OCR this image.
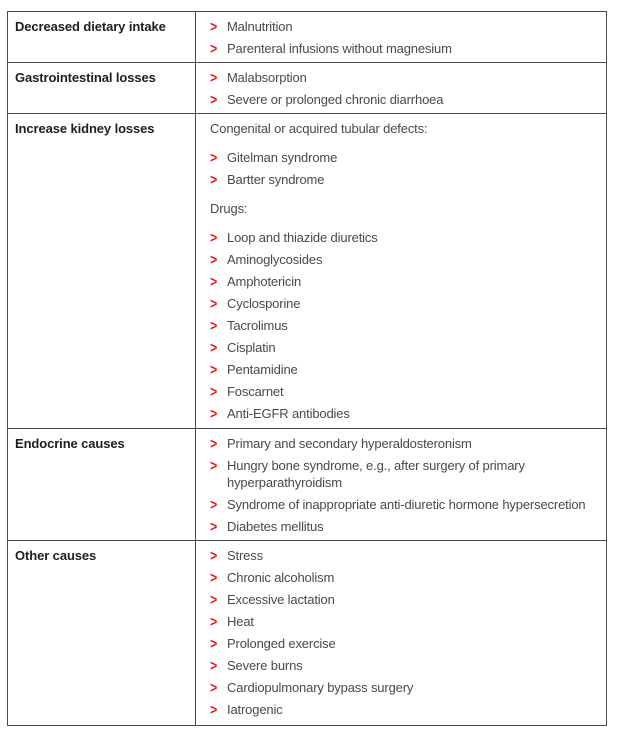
Decreased dietary intake	> Malnutrition
> Parenteral infusions without magnesium
Gastrointestinal losses	> Malabsorption
> Severe or prolonged chronic diarrhoea
Increase kidney losses	Congenital or acquired tubular defects:
> Gitelman syndrome
> Bartter syndrome
Drugs:
> Loop and thiazide diuretics
> Aminoglycosides
> Amphotericin
> Cyclosporine
> Tacrolimus
> Cisplatin
> Pentamidine
> Foscarnet
> Anti-EGFR antibodies
Endocrine causes	> Primary and secondary hyperaldosteronism
> Hungry bone syndrome, e.g., after surgery of primary hyperparathyroidism
> Syndrome of inappropriate anti-diuretic hormone hypersecretion
> Diabetes mellitus
Other causes	> Stress
> Chronic alcoholism
> Excessive lactation
> Heat
> Prolonged exercise
> Severe burns
> Cardiopulmonary bypass surgery
> Iatrogenic
